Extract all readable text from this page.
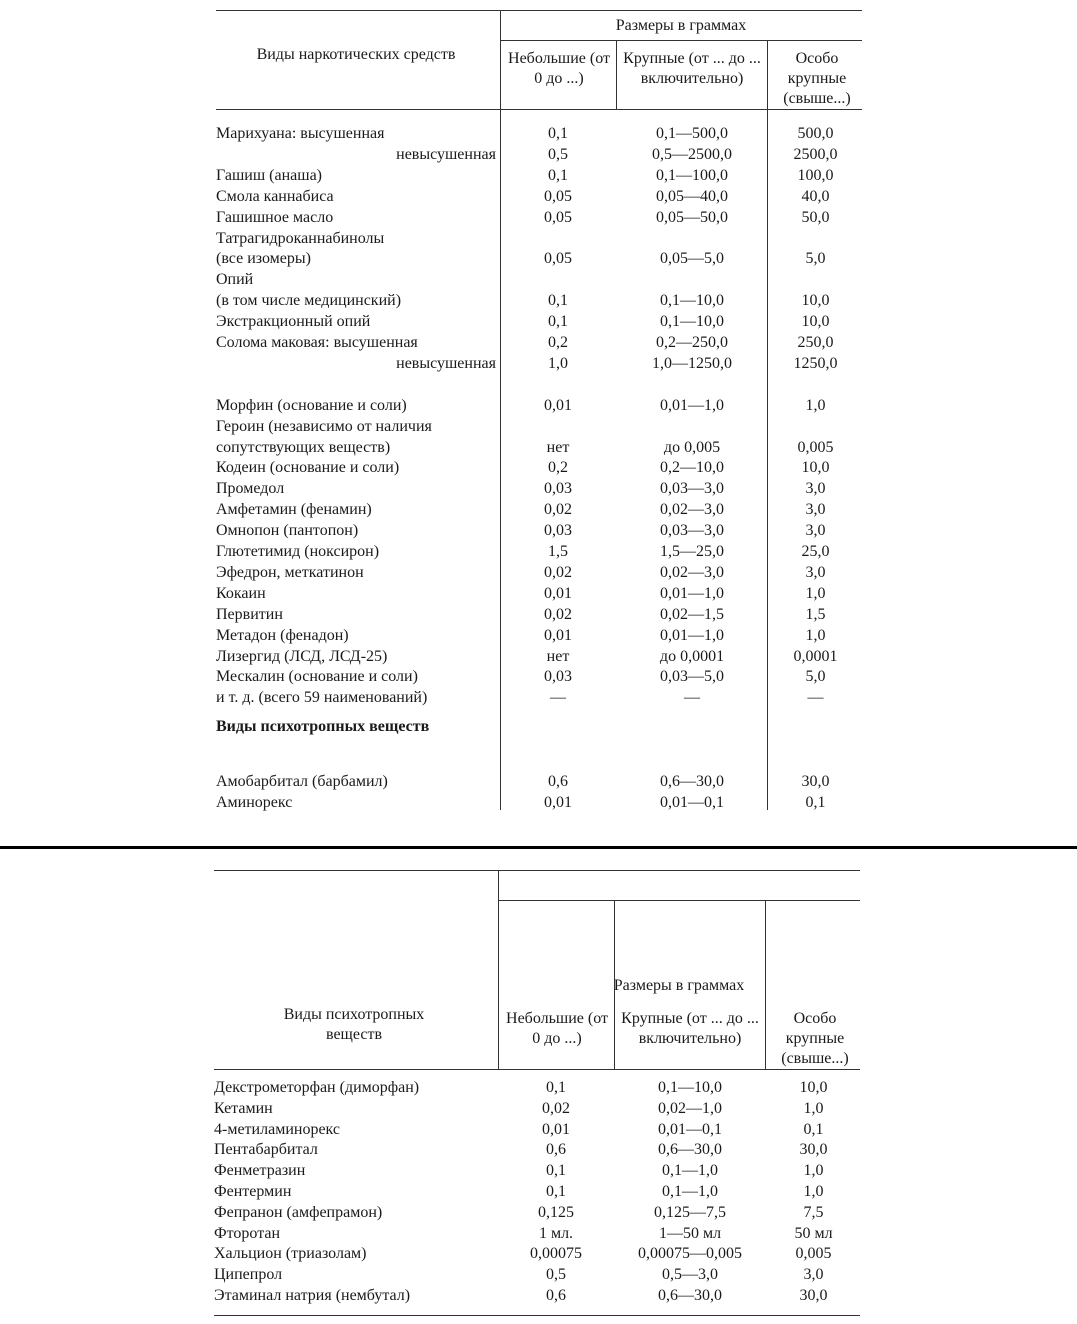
Виды наркотических средств
Размеры в граммах
Небольшие (от 0 до ...)
Крупные (от ... до ... включительно)
Особо крупные (свыше...)
Марихуана: высушенная	0,1	0,1—500,0	500,0
невысушенная	0,5	0,5—2500,0	2500,0
Гашиш (анаша)	0,1	0,1—100,0	100,0
Смола каннабиса	0,05	0,05—40,0	40,0
Гашишное масло	0,05	0,05—50,0	50,0
Татрагидроканнабинолы
(все изомеры)	0,05	0,05—5,0	5,0
Опий
(в том числе медицинский)	0,1	0,1—10,0	10,0
Экстракционный опий	0,1	0,1—10,0	10,0
Солома маковая: высушенная	0,2	0,2—250,0	250,0
невысушенная	1,0	1,0—1250,0	1250,0
Морфин (основание и соли)	0,01	0,01—1,0	1,0
Героин (независимо от наличия
сопутствующих веществ)	нет	до 0,005	0,005
Кодеин (основание и соли)	0,2	0,2—10,0	10,0
Промедол	0,03	0,03—3,0	3,0
Амфетамин (фенамин)	0,02	0,02—3,0	3,0
Омнопон (пантопон)	0,03	0,03—3,0	3,0
Глютетимид (ноксирон)	1,5	1,5—25,0	25,0
Эфедрон, меткатинон	0,02	0,02—3,0	3,0
Кокаин	0,01	0,01—1,0	1,0
Первитин	0,02	0,02—1,5	1,5
Метадон (фенадон)	0,01	0,01—1,0	1,0
Лизергид (ЛСД, ЛСД-25)	нет	до 0,0001	0,0001
Мескалин (основание и соли)	0,03	0,03—5,0	5,0
и т. д. (всего 59 наименований)	—	—	—
Виды психотропных веществ
Амобарбитал (барбамил)	0,6	0,6—30,0	30,0
Аминорекс	0,01	0,01—0,1	0,1
Виды психотропных веществ
Размеры в граммах
Небольшие (от 0 до ...)
Крупные (от ... до ... включительно)
Особо крупные (свыше...)
Декстрометорфан (диморфан)	0,1	0,1—10,0	10,0
Кетамин	0,02	0,02—1,0	1,0
4-метиламинорекс	0,01	0,01—0,1	0,1
Пентабарбитал	0,6	0,6—30,0	30,0
Фенметразин	0,1	0,1—1,0	1,0
Фентермин	0,1	0,1—1,0	1,0
Фепранон (амфепрамон)	0,125	0,125—7,5	7,5
Фторотан	1 мл.	1—50 мл	50 мл
Хальцион (триазолам)	0,00075	0,00075—0,005	0,005
Ципепрол	0,5	0,5—3,0	3,0
Этаминал натрия (нембутал)	0,6	0,6—30,0	30,0
